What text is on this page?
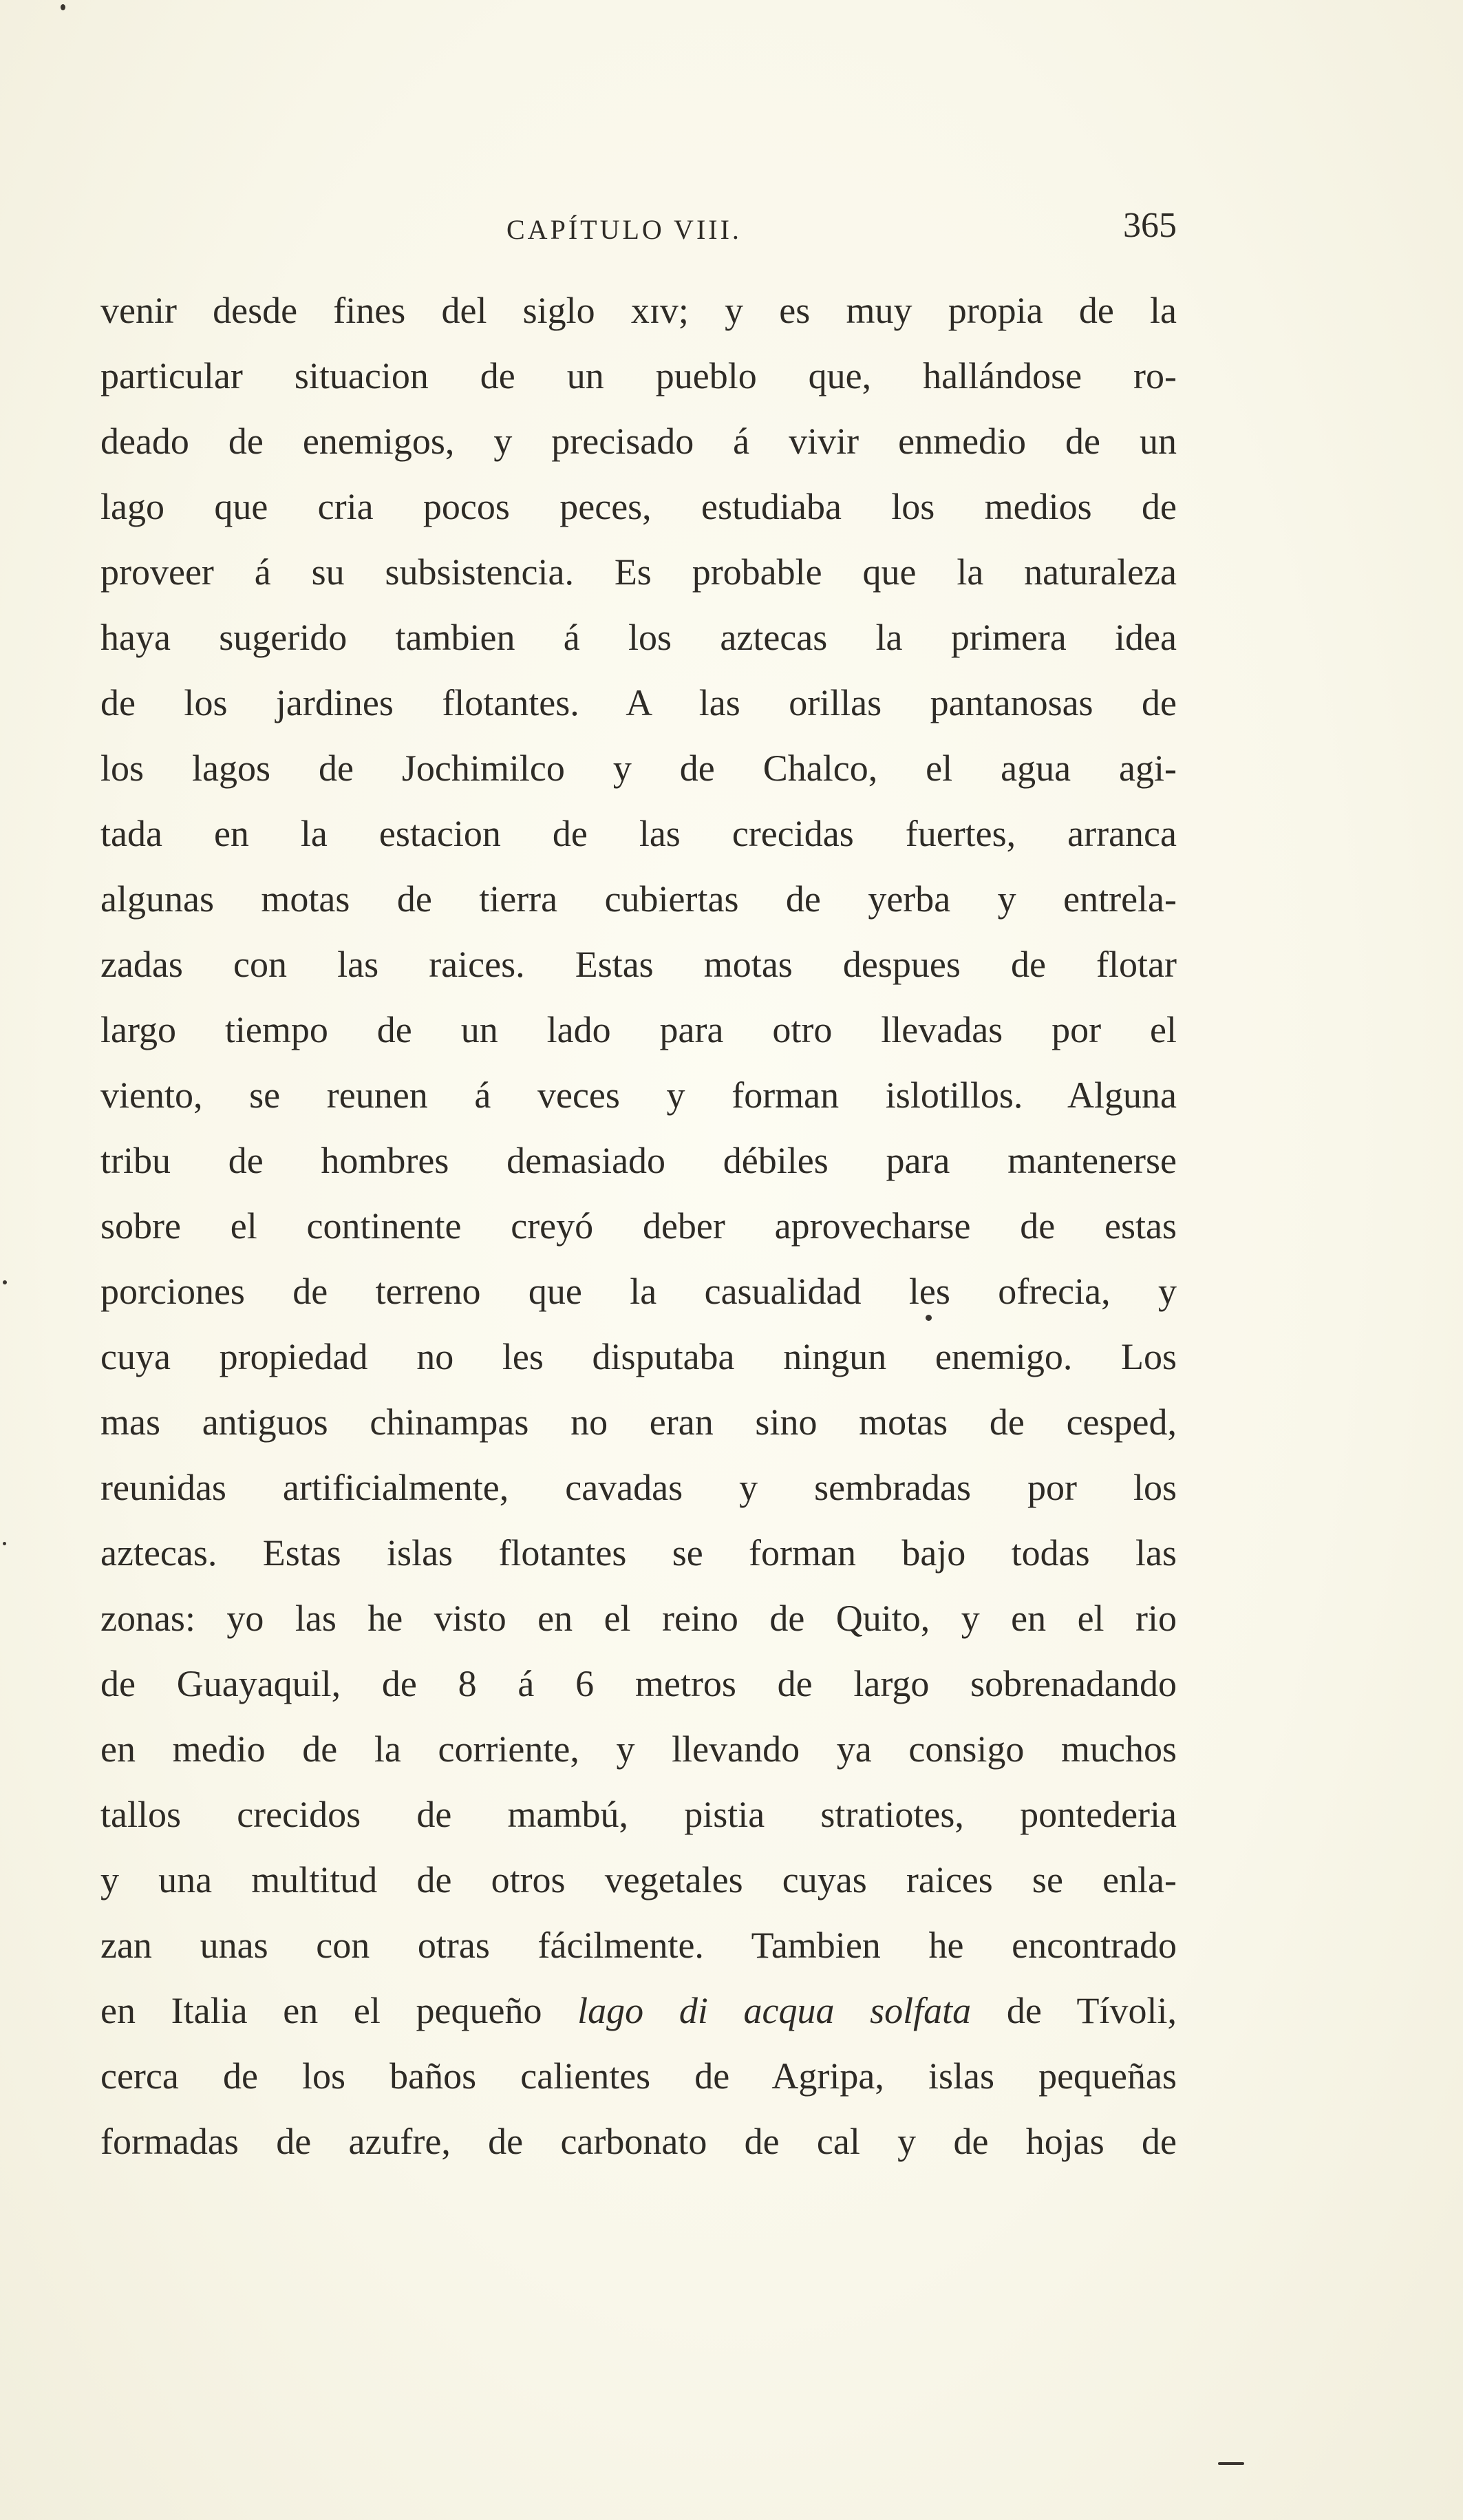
CAPÍTULO VIII.	365
venir desde fines del siglo xɪv; y es muy propia de la
particular situacion de un pueblo que, hallándose ro-
deado de enemigos, y precisado á vivir enmedio de un
lago que cria pocos peces, estudiaba los medios de
proveer á su subsistencia. Es probable que la naturaleza
haya sugerido tambien á los aztecas la primera idea
de los jardines flotantes. A las orillas pantanosas de
los lagos de Jochimilco y de Chalco, el agua agi-
tada en la estacion de las crecidas fuertes, arranca
algunas motas de tierra cubiertas de yerba y entrela-
zadas con las raices. Estas motas despues de flotar
largo tiempo de un lado para otro llevadas por el
viento, se reunen á veces y forman islotillos. Alguna
tribu de hombres demasiado débiles para mantenerse
sobre el continente creyó deber aprovecharse de estas
porciones de terreno que la casualidad les ofrecia, y
cuya propiedad no les disputaba ningun enemigo. Los
mas antiguos chinampas no eran sino motas de cesped,
reunidas artificialmente, cavadas y sembradas por los
aztecas. Estas islas flotantes se forman bajo todas las
zonas: yo las he visto en el reino de Quito, y en el rio
de Guayaquil, de 8 á 6 metros de largo sobrenadando
en medio de la corriente, y llevando ya consigo muchos
tallos crecidos de mambú, pistia stratiotes, pontederia
y una multitud de otros vegetales cuyas raices se enla-
zan unas con otras fácilmente. Tambien he encontrado
en Italia en el pequeño lago di acqua solfata de Tívoli,
cerca de los baños calientes de Agripa, islas pequeñas
formadas de azufre, de carbonato de cal y de hojas de
